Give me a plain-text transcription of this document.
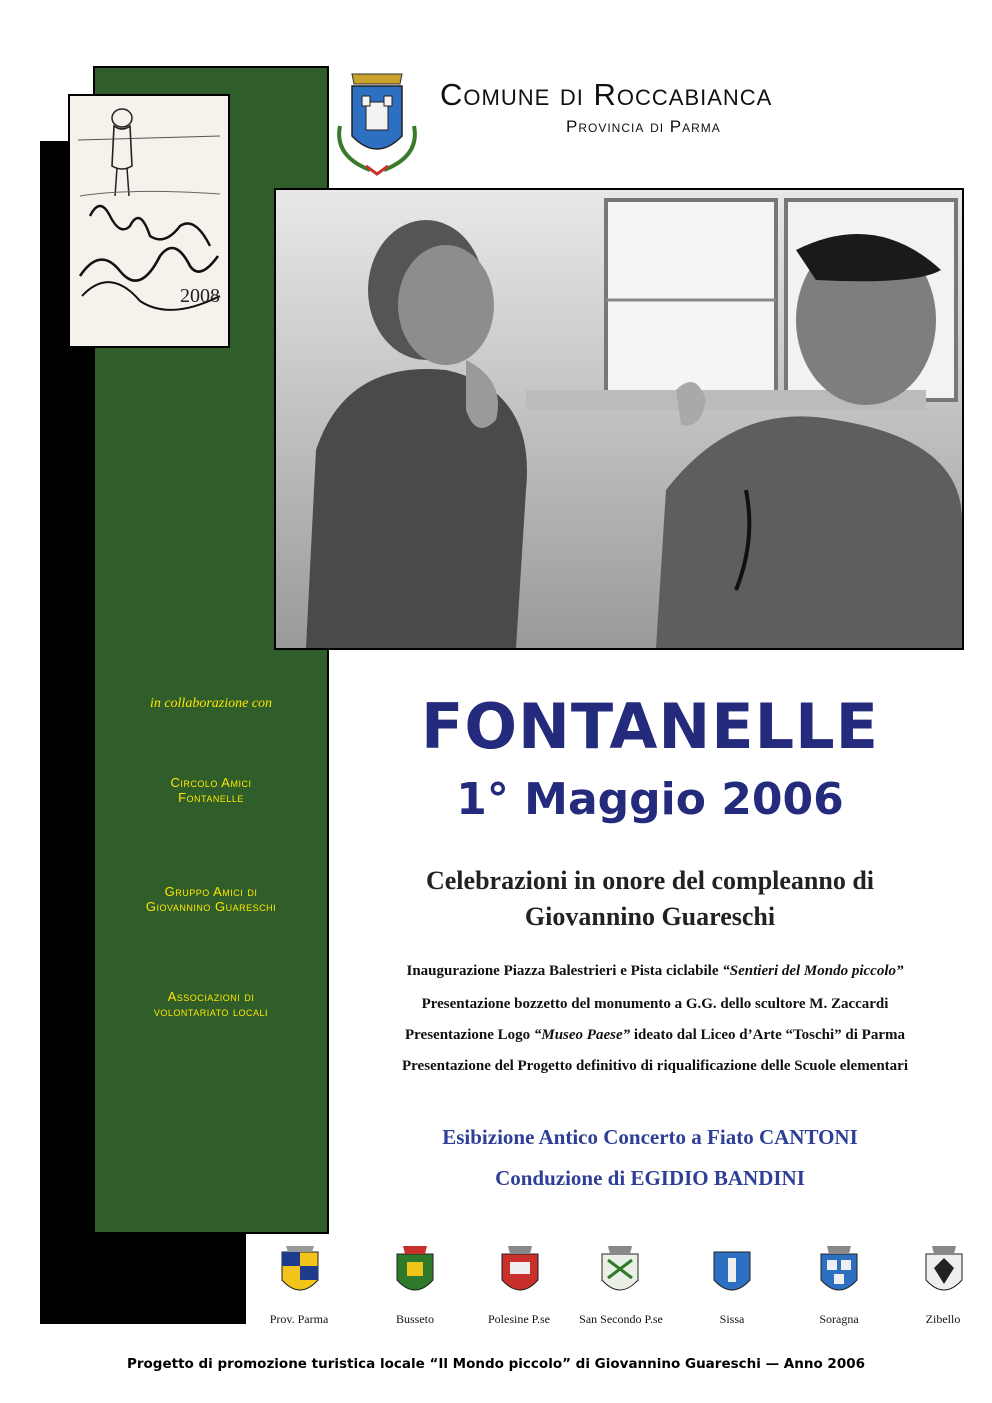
2008
Comune di Roccabianca
Provincia di Parma
in collaborazione con
Circolo Amici
Fontanelle
Gruppo Amici di
Giovannino Guareschi
Associazioni di
volontariato locali
FONTANELLE
1° Maggio 2006
Celebrazioni in onore del compleanno di
Giovannino Guareschi
Inaugurazione Piazza Balestrieri e Pista ciclabile “Sentieri del Mondo piccolo”
Presentazione bozzetto del monumento a G.G. dello scultore M. Zaccardi
Presentazione Logo “Museo Paese” ideato dal Liceo d’Arte “Toschi” di Parma
Presentazione del Progetto definitivo di riqualificazione delle Scuole elementari
Esibizione Antico Concerto a Fiato CANTONI
Conduzione di EGIDIO BANDINI
Prov. Parma	Busseto	Polesine P.se	San Secondo P.se	Sissa	Soragna	Zibello
Progetto di promozione turistica locale “Il Mondo piccolo” di Giovannino Guareschi — Anno 2006
